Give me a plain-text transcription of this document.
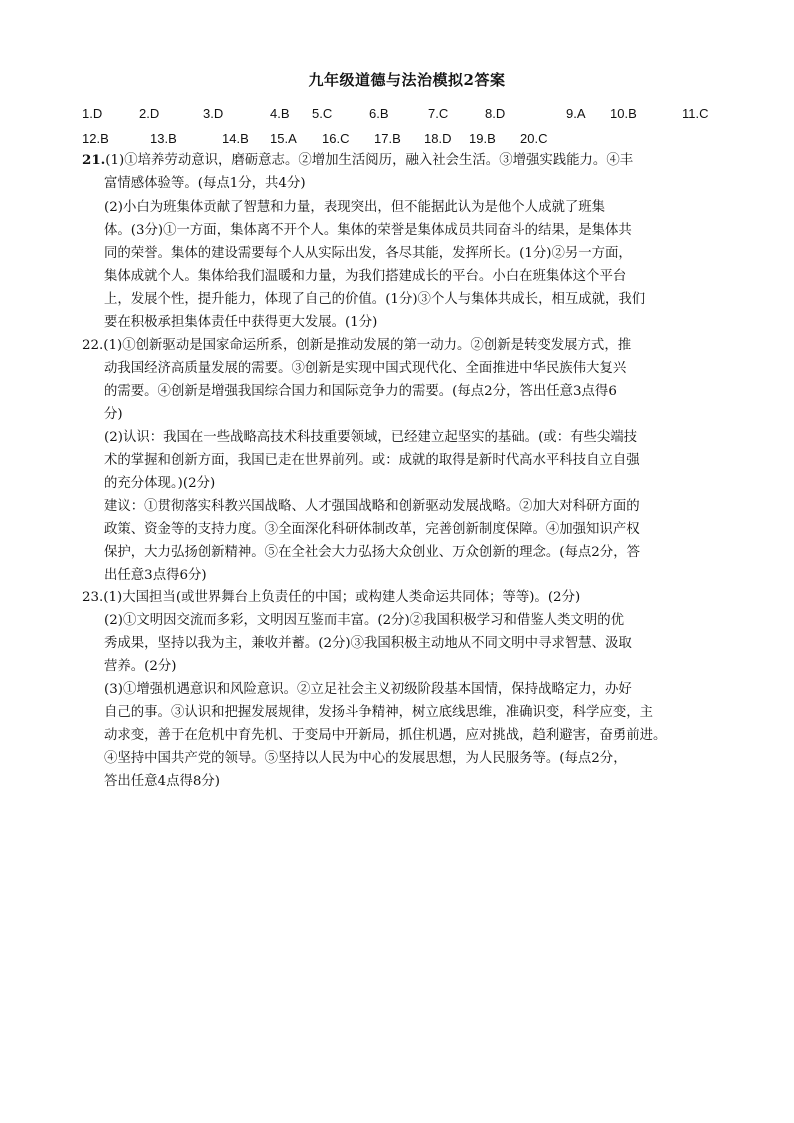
九年级道德与法治模拟2答案
1.D	2.D	3.D	4.B 5.C	6.B	7.C	8.D	9.A 10.B	11.C
12.B	13.B	14.B 15.A 16.C 17.B 18.D 19.B 20.C
21.(1)①培养劳动意识，磨砺意志。②增加生活阅历，融入社会生活。③增强实践能力。④丰
富情感体验等。(每点1分，共4分)
(2)小白为班集体贡献了智慧和力量，表现突出，但不能据此认为是他个人成就了班集
体。(3分)①一方面，集体离不开个人。集体的荣誉是集体成员共同奋斗的结果，是集体共
同的荣誉。集体的建设需要每个人从实际出发，各尽其能，发挥所长。(1分)②另一方面，
集体成就个人。集体给我们温暖和力量，为我们搭建成长的平台。小白在班集体这个平台
上，发展个性，提升能力，体现了自己的价值。(1分)③个人与集体共成长，相互成就，我们
要在积极承担集体责任中获得更大发展。(1分)
22.(1)①创新驱动是国家命运所系，创新是推动发展的第一动力。②创新是转变发展方式，推
动我国经济高质量发展的需要。③创新是实现中国式现代化、全面推进中华民族伟大复兴
的需要。④创新是增强我国综合国力和国际竞争力的需要。(每点2分，答出任意3点得6
分)
(2)认识：我国在一些战略高技术科技重要领域，已经建立起坚实的基础。(或：有些尖端技
术的掌握和创新方面，我国已走在世界前列。或：成就的取得是新时代高水平科技自立自强
的充分体现。)(2分)
建议：①贯彻落实科教兴国战略、人才强国战略和创新驱动发展战略。②加大对科研方面的
政策、资金等的支持力度。③全面深化科研体制改革，完善创新制度保障。④加强知识产权
保护，大力弘扬创新精神。⑤在全社会大力弘扬大众创业、万众创新的理念。(每点2分，答
出任意3点得6分)
23.(1)大国担当(或世界舞台上负责任的中国；或构建人类命运共同体；等等)。(2分)
(2)①文明因交流而多彩，文明因互鉴而丰富。(2分)②我国积极学习和借鉴人类文明的优
秀成果，坚持以我为主，兼收并蓄。(2分)③我国积极主动地从不同文明中寻求智慧、汲取
营养。(2分)
(3)①增强机遇意识和风险意识。②立足社会主义初级阶段基本国情，保持战略定力，办好
自己的事。③认识和把握发展规律，发扬斗争精神，树立底线思维，准确识变，科学应变，主
动求变，善于在危机中育先机、于变局中开新局，抓住机遇，应对挑战，趋利避害，奋勇前进。
④坚持中国共产党的领导。⑤坚持以人民为中心的发展思想，为人民服务等。(每点2分，
答出任意4点得8分)
